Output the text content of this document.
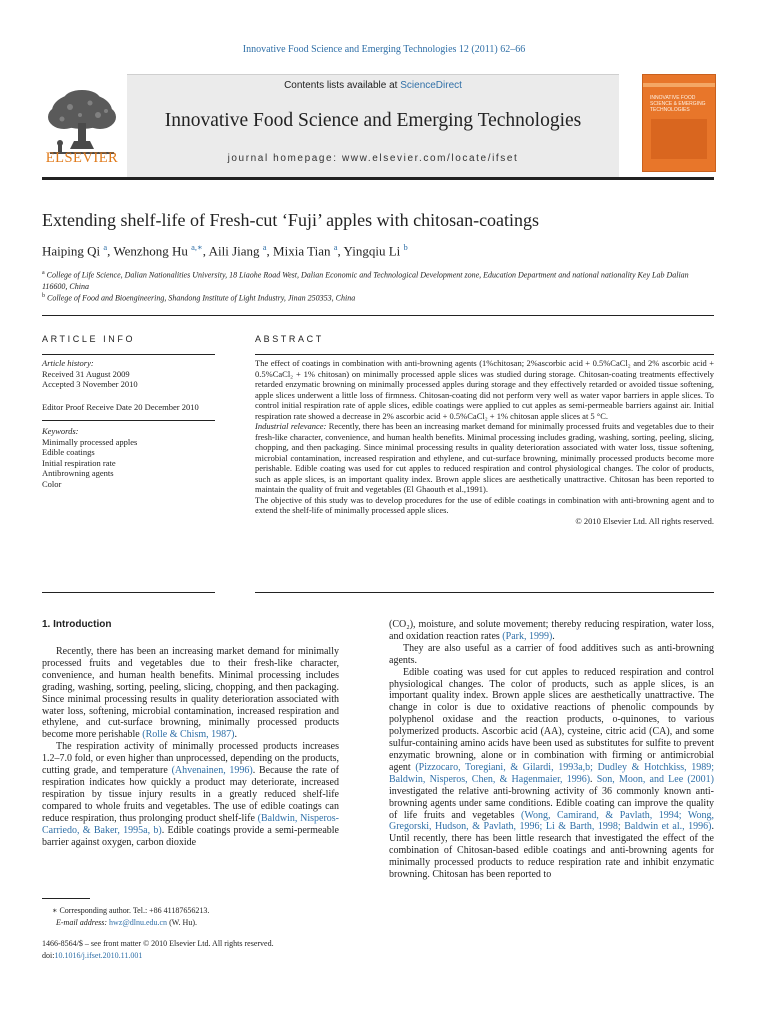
Innovative Food Science and Emerging Technologies 12 (2011) 62–66
Contents lists available at ScienceDirect
Innovative Food Science and Emerging Technologies
journal homepage: www.elsevier.com/locate/ifset
ELSEVIER
INNOVATIVE FOOD SCIENCE & EMERGING TECHNOLOGIES
Extending shelf-life of Fresh-cut ‘Fuji’ apples with chitosan-coatings
Haiping Qi $^a$, Wenzhong Hu $^{a,∗}$, Aili Jiang $^a$, Mixia Tian $^a$, Yingqiu Li $^b$
$^a$ College of Life Science, Dalian Nationalities University, 18 Liaohe Road West, Dalian Economic and Technological Development zone, Education Department and national nationality Key Lab Dalian 116600, China
$^b$ College of Food and Bioengineering, Shandong Institute of Light Industry, Jinan 250353, China
ARTICLE INFO
Article history:
Received 31 August 2009
Accepted 3 November 2010
Editor Proof Receive Date 20 December 2010
Keywords:
Minimally processed apples
Edible coatings
Initial respiration rate
Antibrowning agents
Color
ABSTRACT

The effect of coatings in combination with anti-browning agents (1%chitosan; 2%ascorbic acid + 0.5%CaCl₂ and 2% ascorbic acid + 0.5%CaCl₂ + 1% chitosan) on minimally processed apple slices was studied during storage. Chitosan-coating treatments effectively retarded enzymatic browning on minimally processed apples during storage and they effectively retarded or avoided tissue softening, apple slices underwent a little loss of firmness. Chitosan-coating did not perform very well as water vapor barriers in apple slices. To control initial respiration rate of apple slices, edible coatings were applied to cut apples as semi-permeable barriers against air. Initial respiration rate showed a decrease in 2% ascorbic acid + 0.5%CaCl₂ + 1% chitosan apple slices at 5 °C.

Industrial relevance: Recently, there has been an increasing market demand for minimally processed fruits and vegetables due to their fresh-like character, convenience, and human health benefits. Minimal processing includes grading, washing, sorting, peeling, slicing, chopping, and then packaging. Since minimal processing results in quality deterioration associated with water loss, tissue softening, microbial contamination, increased respiration and ethylene, and cut-surface browning, minimally processed products become more perishable. Edible coating was used for cut apples to reduced respiration and control physiological changes. The color of products, such as apple slices, is an important quality index. Brown apple slices are aesthetically unattractive. Chitosan has been reported to maintain the quality of fruit and vegetables (El Ghaouth et al.,1991).

The objective of this study was to develop procedures for the use of edible coatings in combination with anti-browning agent and to extend the shelf-life of minimally processed apple slices.

© 2010 Elsevier Ltd. All rights reserved.

1. Introduction

Recently, there has been an increasing market demand for minimally processed fruits and vegetables due to their fresh-like character, convenience, and human health benefits. Minimal processing includes grading, washing, sorting, peeling, slicing, chopping, and then packaging. Since minimal processing results in quality deterioration associated with water loss, softening, microbial contamination, increased respiration and ethylene, and cut-surface browning, minimally processed products become more perishable (Rolle & Chism, 1987).

The respiration activity of minimally processed products increases 1.2–7.0 fold, or even higher than unprocessed, depending on the products, cutting grade, and temperature (Ahvenainen, 1996). Because the rate of respiration indicates how quickly a product may deteriorate, increased respiration by tissue injury results in a greatly reduced shelf-life compared to whole fruits and vegetables. The use of edible coatings can reduce respiration, thus prolonging product shelf-life (Baldwin, Nisperos-Carriedo, & Baker, 1995a, b). Edible coatings provide a semi-permeable barrier against oxygen, carbon dioxide

(CO₂), moisture, and solute movement; thereby reducing respiration, water loss, and oxidation reaction rates (Park, 1999).

They are also useful as a carrier of food additives such as anti-browning agents.

Edible coating was used for cut apples to reduced respiration and control physiological changes. The color of products, such as apple slices, is an important quality index. Brown apple slices are aesthetically unattractive. The change in color is due to oxidative reactions of phenolic compounds by polyphenol oxidase and the reaction products, o-quinones, to various polymerized products. Ascorbic acid (AA), cysteine, citric acid (CA), and some sulfur-containing amino acids have been used as substitutes for sulfite to prevent enzymatic browning, alone or in combination with firming or antimicrobial agent (Pizzocaro, Toregiani, & Gilardi, 1993a,b; Dudley & Hotchkiss, 1989; Baldwin, Nisperos, Chen, & Hagenmaier, 1996). Son, Moon, and Lee (2001) investigated the relative anti-browning activity of 36 commonly known anti-browning agents under same conditions. Edible coating can improve the quality of life fruits and vegetables (Wong, Camirand, & Pavlath, 1994; Wong, Gregorski, Hudson, & Pavlath, 1996; Li & Barth, 1998; Baldwin et al., 1996). Until recently, there has been little research that investigated the effect of the combination of Chitosan-based edible coatings and anti-browning agents for minimally processed products to reduce respiration rate and inhibit enzymatic browning. Chitosan has been reported to

∗ Corresponding author. Tel.: +86 41187656213.
E-mail address: hwz@dlnu.edu.cn (W. Hu).
1466-8564/$ – see front matter © 2010 Elsevier Ltd. All rights reserved.
doi:10.1016/j.ifset.2010.11.001
